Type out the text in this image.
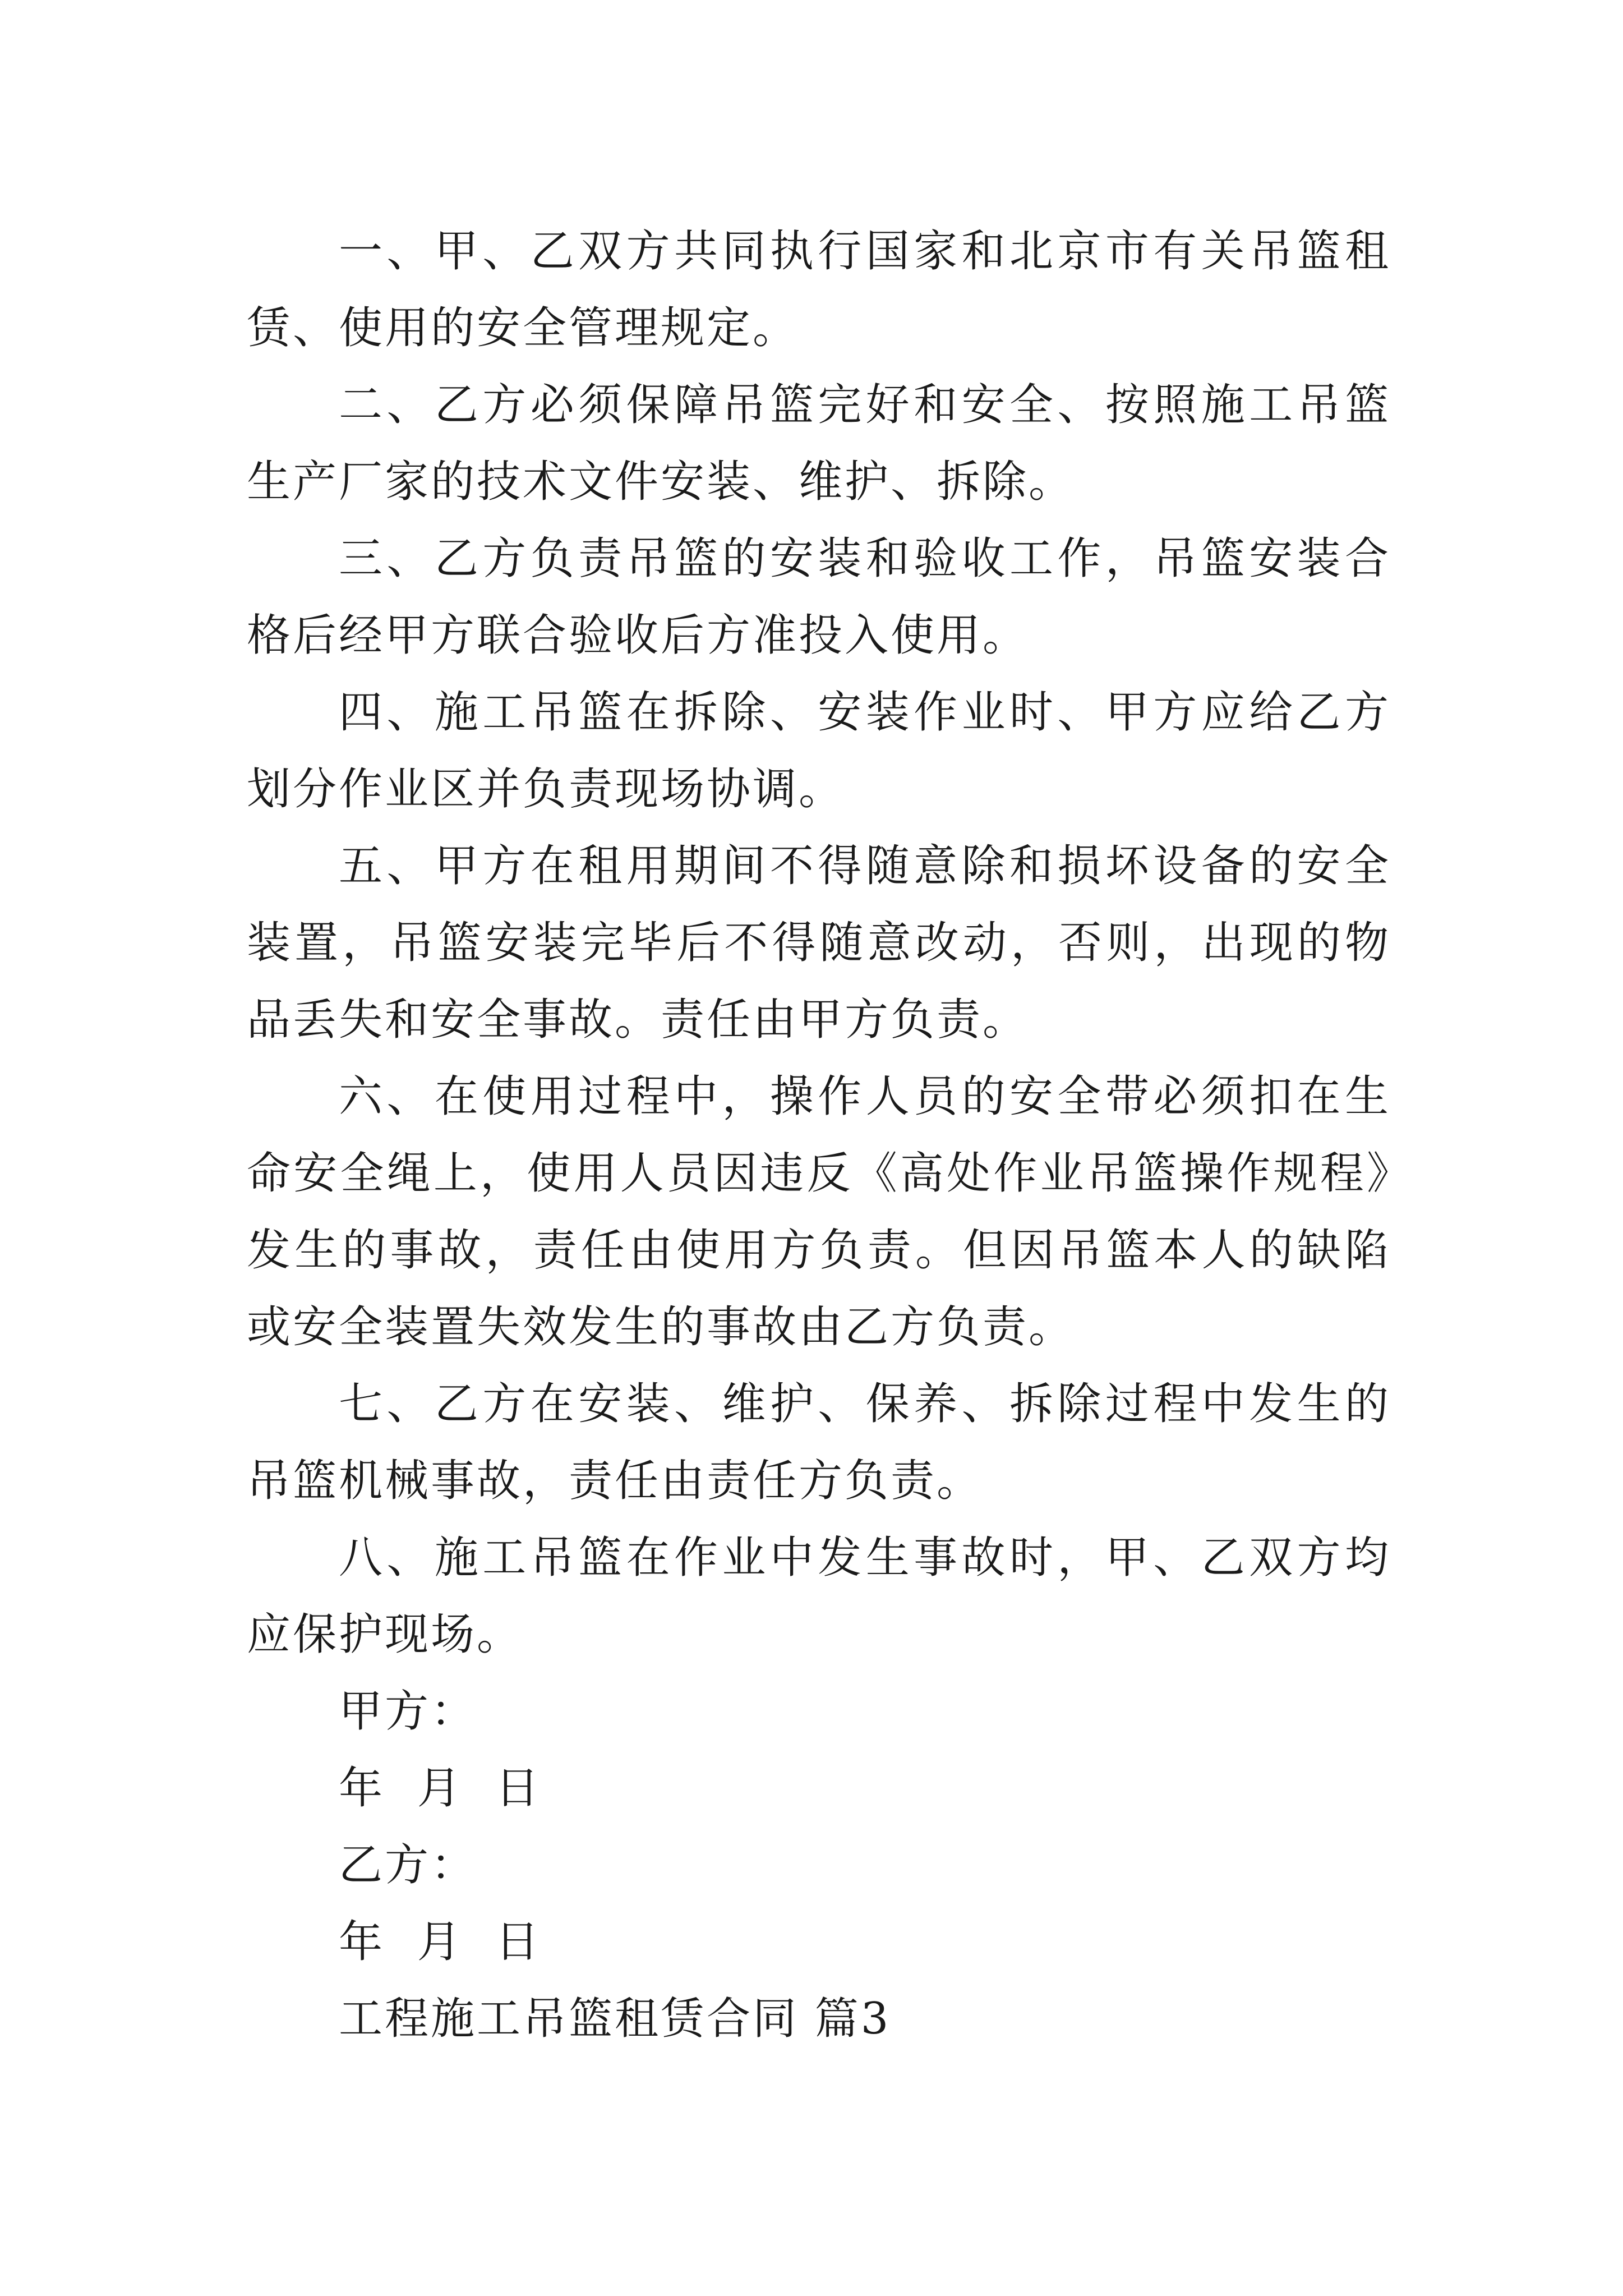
一、甲、乙双方共同执行国家和北京市有关吊篮租赁、使用的安全管理规定。

二、乙方必须保障吊篮完好和安全、按照施工吊篮生产厂家的技术文件安装、维护、拆除。

三、乙方负责吊篮的安装和验收工作，吊篮安装合格后经甲方联合验收后方准投入使用。

四、施工吊篮在拆除、安装作业时、甲方应给乙方划分作业区并负责现场协调。

五、甲方在租用期间不得随意除和损坏设备的安全装置，吊篮安装完毕后不得随意改动，否则，出现的物品丢失和安全事故。责任由甲方负责。

六、在使用过程中，操作人员的安全带必须扣在生命安全绳上，使用人员因违反《高处作业吊篮操作规程》发生的事故，责任由使用方负责。但因吊篮本人的缺陷或安全装置失效发生的事故由乙方负责。

七、乙方在安装、维护、保养、拆除过程中发生的吊篮机械事故，责任由责任方负责。

八、施工吊篮在作业中发生事故时，甲、乙双方均应保护现场。

甲方：

年  月  日

乙方：

年  月  日

工程施工吊篮租赁合同 篇3
